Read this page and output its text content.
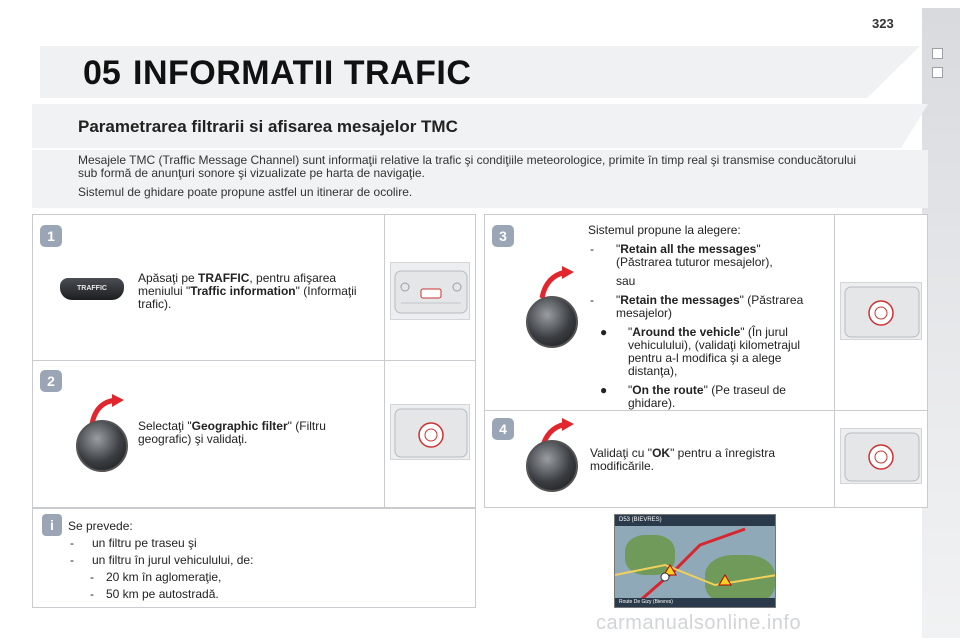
323
05 INFORMATII TRAFIC
Parametrarea filtrarii si afisarea mesajelor TMC

Mesajele TMC (Traffic Message Channel) sunt informaţii relative la trafic şi condiţiile meteorologice, primite în timp real şi transmise conducătorului sub formă de anunţuri sonore şi vizualizate pe harta de navigaţie.

Sistemul de ghidare poate propune astfel un itinerar de ocolire.

1
TRAFFIC
Apăsaţi pe TRAFFIC, pentru afişarea meniului "Traffic information" (Informaţii trafic).
2
Selectaţi "Geographic filter" (Filtru geografic) şi validaţi.
3	Sistemul propune la alegere:
- "Retain all the messages"
(Păstrarea tuturor mesajelor),
sau
- "Retain the messages" (Păstrarea mesajelor)
● "Around the vehicle" (În jurul vehiculului), (validaţi kilometrajul pentru a-l modifica şi a alege distanţa),
● "On the route" (Pe traseul de ghidare).
4
Validaţi cu "OK" pentru a înregistra modificările.
i	Se prevede:
- un filtru pe traseu şi
- un filtru în jurul vehiculului, de:
- 20 km în aglomeraţie,
- 50 km pe autostradă.
D53 (BIEVRES)
Route De Gizy (Bievres)
carmanualsonline.info
